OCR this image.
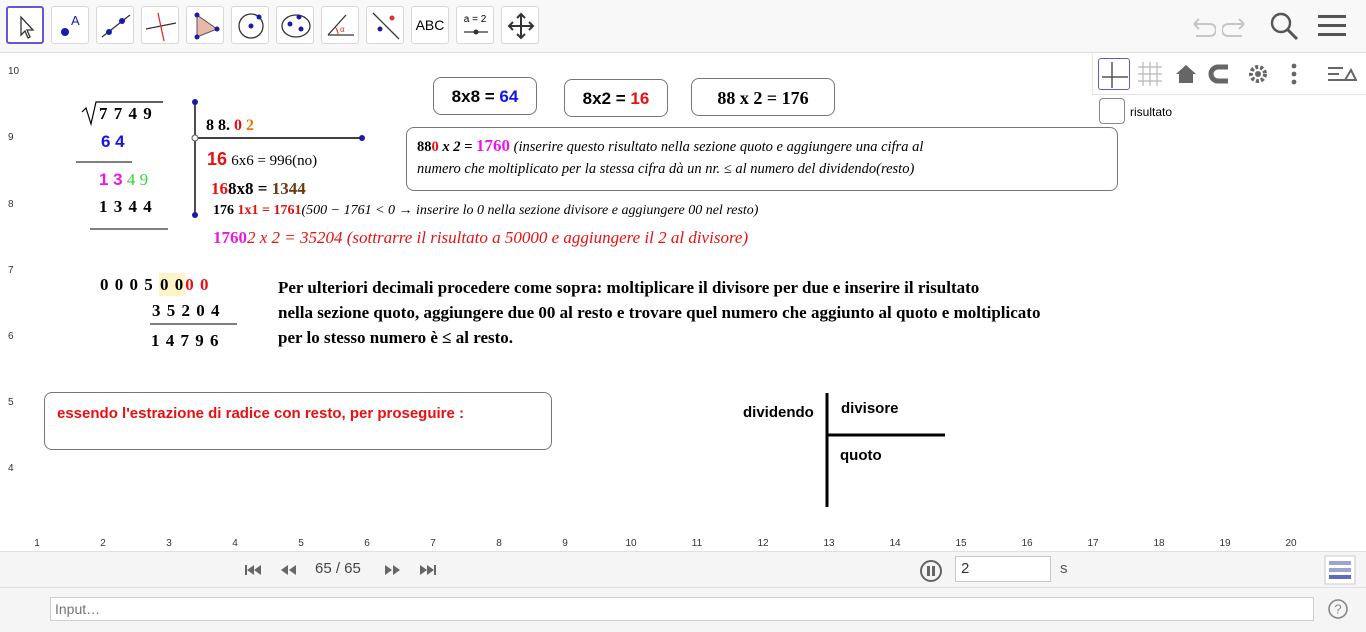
A
α	ABC	a = 2
risultato
10
9
8
7
6
5
4
1	2	3	4	5	6	7	8	9	10	11	12	13	14	15	16	17	18	19	20
7 7 4 9
6 4
1 3 4 9
1 3 4 4
8 8. 0 2
16 6x6 = 996(no)
168x8 = 1344
176 1x1 = 1761(500 − 1761 < 0 → inserire lo 0 nella sezione divisore e aggiungere 00 nel resto)
17602 x 2 = 35204 (sottrarre il risultato a 50000 e aggiungere il 2 al divisore)
8x8 = 64	8x2 = 16	88 x 2 = 176
880 x 2 = 1760 (inserire questo risultato nella sezione quoto e aggiungere una cifra al
numero che moltiplicato per la stessa cifra dà un nr. ≤ al numero del dividendo(resto)
0 0 0 5 0 00 0
3 5 2 0 4
1 4 7 9 6
Per ulteriori decimali procedere come sopra: moltiplicare il divisore per due e inserire il risultato
nella sezione quoto, aggiungere due 00 al resto e trovare quel numero che aggiunto al quoto e moltiplicato
per lo stesso numero è ≤ al resto.
essendo l'estrazione di radice con resto, per proseguire :	dividendo divisore
quoto
65 / 65	2	s
Input…
?
